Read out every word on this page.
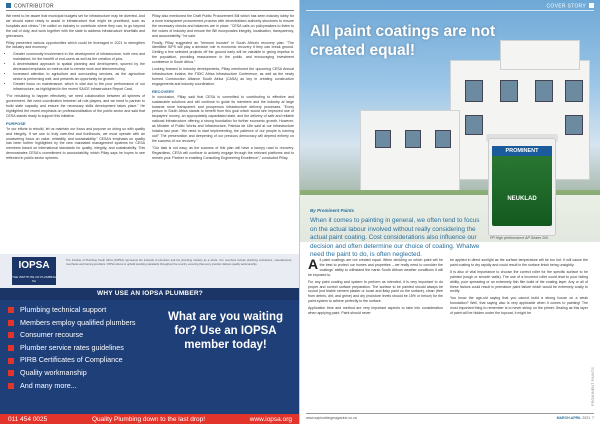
CONTRIBUTOR

We need to be aware that municipal budgets set for infrastructure may be diverted. And we should stand ready to assist in infrastructure that might be prioritised, such as hospitals and clinics." He called on industry to contribute where they can, to go beyond the call of duty, and work together with the state to address infrastructure shortfalls and grievances.

Pillay presented various opportunities which could be leveraged in 2021 to strengthen the industry and economy:

• Greater community involvement in the development of infrastructure, both new and maintained, for the benefit of end-users as well as the creation of jobs.
• A decentralised approach to spatial planning and development, spurred by the decreased emphasis on metros due to remote work and telecommuting.
• Increased attention to agriculture and surrounding services, as the agriculture sector is performing well, and presents an opportunity for growth.
• Greater focus on maintenance, which is vital due to the poor performance of our infrastructure, as highlighted in the recent SAICE Infrastructure Report Card.

"For rebuilding to happen effectively, we need collaboration between all spheres of government. We need coordination between all role players, and we need to partner to build state capacity and ensure the necessary skills development takes place." He highlighted the recent emphasis on professionalisation of the public sector and said that CESA stands ready to support this initiative.

PURPOSE

"In our efforts to rebuild, let us maintain our focus and purpose on doing so with quality and integrity. If we use to truly care-first and livelihoods, we must operate with an unwavering focus on value, reliability, and sustainability." CESA's emphasis on quality has been further highlighted by the new mandated management systems for CESA members based on international standards for quality, integrity, and sustainability. This demonstrates CESA's commitment to accountability, which Pillay says he hopes to see reflected in public sector spheres.

Pillay also mentioned the Draft Public Procurement Bill which has seen industry lobby for a more transparent procurement process with decentralised authority structures to ensure the necessary checks and balances are in place. "CESA calls on policymakers to listen to the voices of industry and ensure the Bill incorporates integrity, localisation, transparency, and accountability," he said.

Finally, Pillay suggested an "immune booster" in South Africa's recovery plan: "The Identified SIPS will play a decisive role in economic recovery if they can break ground. Getting a few selected projects off the ground early will be valuable in giving impetus to the population, providing reassurance to the public, and encouraging investment confidence in South Africa."

Looking forward to industry developments, Pillay mentioned the upcoming CESA Annual Infrastructure Indaba, the FIDIC Africa Infrastructure Conference, as well as the newly formed Construction Alliance South Africa (CASA) as key in creating construction engagements and industry coordination.

RECOVERY

In conclusion, Pillay said that CESA is committed to contributing to effective and sustainable solutions and will continue to guide its members and the industry at large towards more transparent and prosperous infrastructure delivery processes. "Every person in South Africa stands to benefit from this goal which would see improved use of taxpayers' money, an appropriately capacitated state, and the delivery of safe and reliable national infrastructure offering a strong foundation for further economic growth. However, as Minister of Public Works and Infrastructure, Patricia de Lille said at our Infrastructure Indaba last year: "We need to start implementing, the patience of our people is running out!" The preservation and deepening of our precious democracy will depend entirely on the success of our recovery."

"Our task is not easy, as the success of this plan will have a bumpy road to recovery. Regardless, CESA will continue to actively engage through the relevant platforms and to remain your 'Partner in enabling Consulting Engineering Excellence'," concluded Pillay.

IOPSA
THE INSTITUTE OF PLUMBING SA
The Institute of Plumbing South Africa (IOPSA) represents the interests of plumbers and the plumbing industry as a whole. Our members include plumbing contractors, manufacturers, merchants and training providers. IOPSA strives to uphold plumbing standards throughout the country, ensuring that every plumber delivers quality workmanship.
WHY USE AN IOPSA PLUMBER?
Plumbing technical support
Members employ qualified plumbers
Consumer recourse
Plumber service rates guidelines
PIRB Certificates of Compliance
Quality workmanship
And many more...
What are you waiting for? Use an IOPSA member today!
011 454 0025	Quality Plumbing down to the last drop!	www.iopsa.org
PROMINENT
NEUKLAD
COVER STORY
All paint coatings are not created equal!
By Prominent Paints
When it comes to painting in general, we often tend to focus on the actual labour involved without really considering the actual paint coating. Cost considerations also influence our decision and often determine our choice of coating. Whatwe need the paint to do, is often neglected.
PP High performance AP Sealer 200
All paint coatings are not created equal. When deciding on which paint will be the best to protect our homes and properties – we really need to consider the coatings' ability to withstand the harsh South African weather conditions it will be exposed to.

For any paint coating and system to perform as intended, it is very important to do proper and correct surface preparation. The surface to be painted should always be sound (not friable cement plaster or loose and flaky paint on the surface), clean (free from debris, dirt, and grime) and dry (moisture levels should be 15% or below) for the paint system to adhere perfectly to the surface.

Application time and method are very important aspects to take into consideration when applying paint. Paint should never

be applied in direct sunlight as the surface temperature will be too hot. It will cause the paint coating to dry rapidly and could result in the surface finish being unsightly.

It is also of vital importance to choose the correct roller for the specific surface to be painted (rough or smooth walls). The use of a incorrect roller could lead to poor hiding ability, poor spreading or an extremely thin film build of the coating layer. Any or all of these factors could result in premature paint failure which would be extremely costly to rectify.

You know the age-old saying that you cannot build a strong house on a weak foundation? Well, that saying also is very applicable when it comes to painting! The most important thing to remember is to never skimp on the primer. Sealing as this layer of paint will be hidden under the topcoat, it might be

PROMINENT PAINTS
www.saplumbingmagazine.co.za	MARCH-APRIL 2021 7
